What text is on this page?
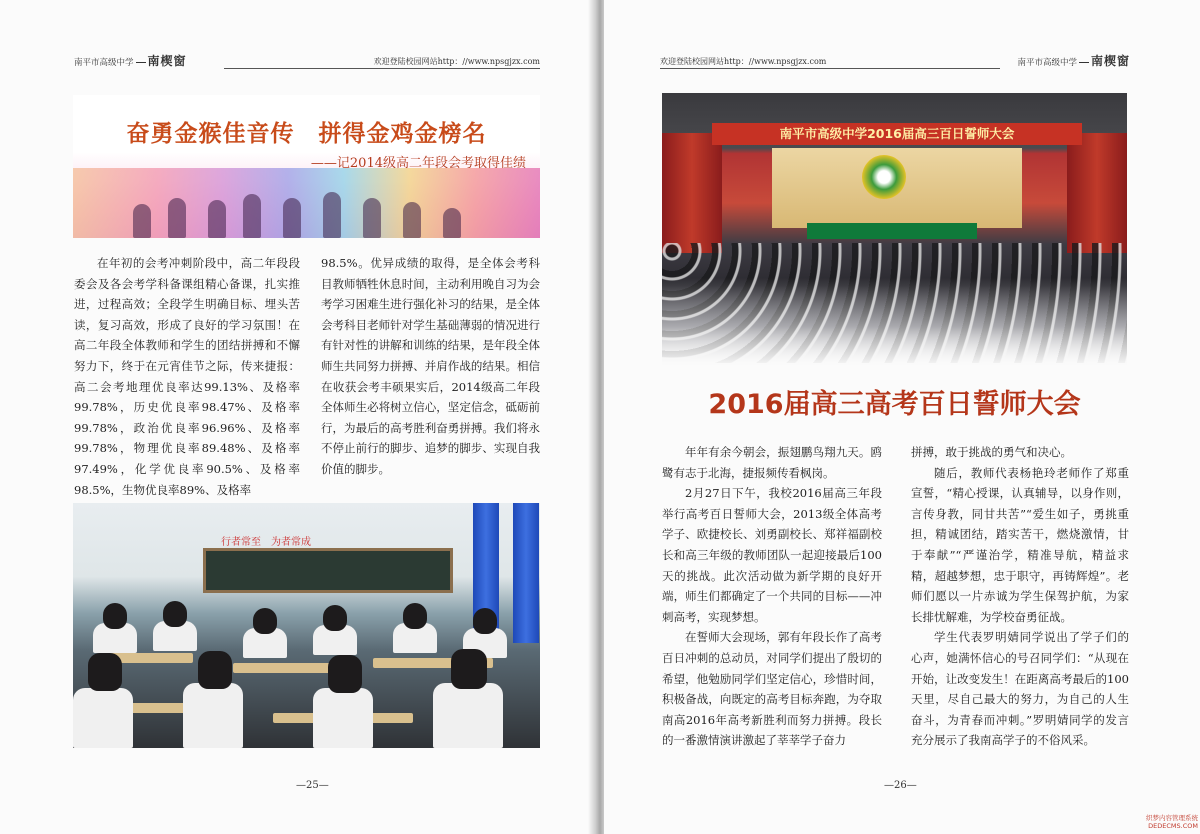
南平市高级中学 南楔窗	欢迎登陆校园网站http：//www.npsgjzx.com
奋勇金猴佳音传　拼得金鸡金榜名
——记2014级高二年段会考取得佳绩

在年初的会考冲刺阶段中，高二年段段委会及各会考学科备课组精心备课，扎实推进，过程高效；全段学生明确目标、埋头苦读，复习高效，形成了良好的学习氛围！在高二年段全体教师和学生的团结拼搏和不懈努力下，终于在元宵佳节之际，传来捷报：高二会考地理优良率达99.13%、及格率99.78%，历史优良率98.47%、及格率99.78%，政治优良率96.96%、及格率99.78%，物理优良率89.48%、及格率97.49%，化学优良率90.5%、及格率98.5%，生物优良率89%、及格率

98.5%。优异成绩的取得，是全体会考科目教师牺牲休息时间，主动利用晚自习为会考学习困难生进行强化补习的结果，是全体会考科目老师针对学生基础薄弱的情况进行有针对性的讲解和训练的结果，是年段全体师生共同努力拼搏、并肩作战的结果。相信在收获会考丰硕果实后，2014级高二年段全体师生必将树立信心，坚定信念，砥砺前行，为最后的高考胜利奋勇拼搏。我们将永不停止前行的脚步、追梦的脚步、实现自我价值的脚步。

行者常至　为者常成
—25—
欢迎登陆校园网站http：//www.npsgjzx.com	南平市高级中学 南楔窗
南平市高级中学2016届高三百日誓师大会
2016届高三高考百日誓师大会

年年有余今朝会，振翅鹏鸟翔九天。鸥鹭有志于北海，捷报频传看枫岗。

2月27日下午，我校2016届高三年段举行高考百日誓师大会，2013级全体高考学子、欧捷校长、刘勇副校长、郑祥福副校长和高三年级的教师团队一起迎接最后100天的挑战。此次活动做为新学期的良好开端，师生们都确定了一个共同的目标——冲刺高考，实现梦想。

在誓师大会现场，郭有年段长作了高考百日冲刺的总动员，对同学们提出了殷切的希望，他勉励同学们坚定信心，珍惜时间，积极备战，向既定的高考目标奔跑，为夺取南高2016年高考新胜利而努力拼搏。段长的一番激情演讲激起了莘莘学子奋力

拼搏，敢于挑战的勇气和决心。

随后，教师代表杨艳玲老师作了郑重宣誓，“精心授课，认真辅导，以身作则，言传身教，同甘共苦”“爱生如子，勇挑重担，精诚团结，踏实苦干，燃烧激情，甘于奉献”“严谨治学，精准导航，精益求精，超越梦想，忠于职守，再铸辉煌”。老师们愿以一片赤诚为学生保驾护航，为家长排忧解难，为学校奋勇征战。

学生代表罗明婧同学说出了学子们的心声，她满怀信心的号召同学们：“从现在开始，让改变发生！在距离高考最后的100天里，尽自己最大的努力，为自己的人生奋斗，为青春而冲刺。”罗明婧同学的发言充分展示了我南高学子的不俗风采。

—26—
织梦内容管理系统
DEDECMS.COM
